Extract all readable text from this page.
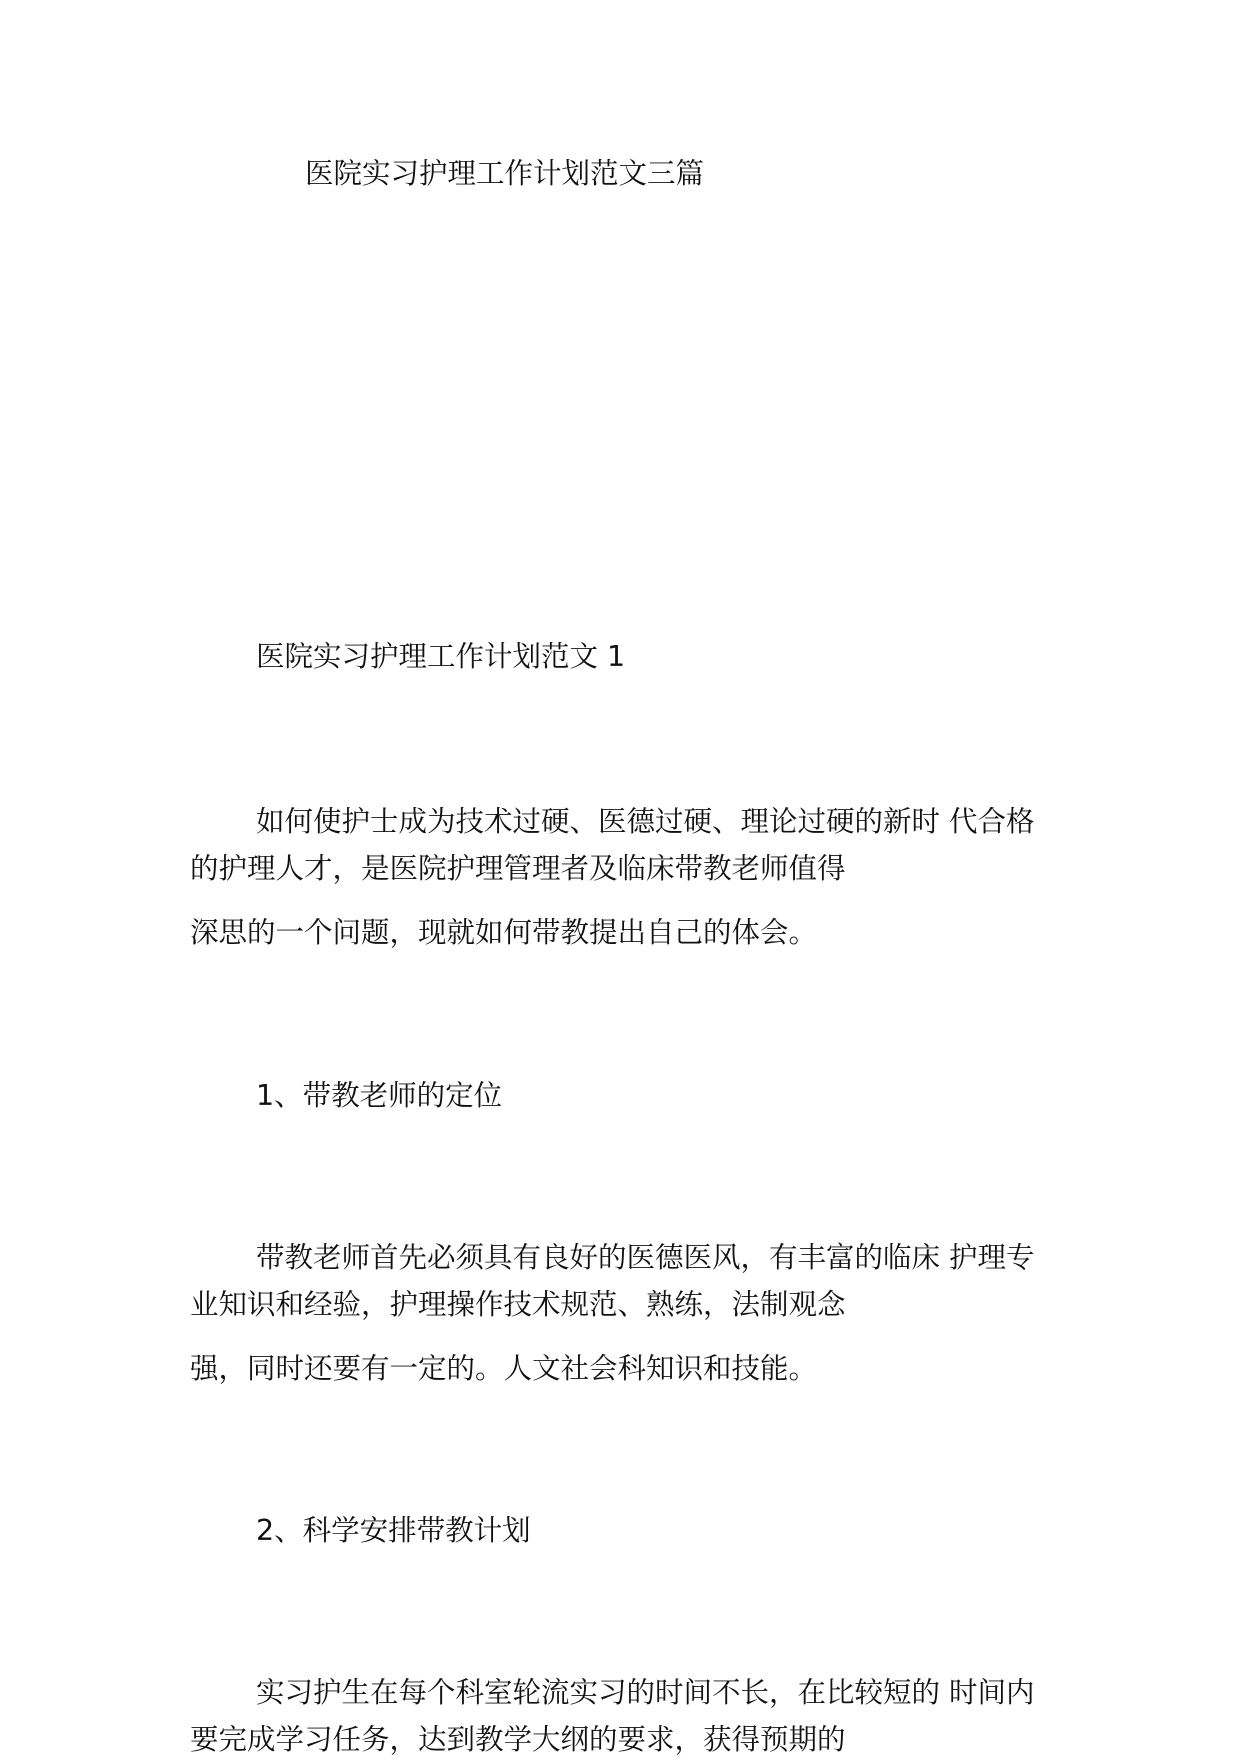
医院实习护理工作计划范文三篇
医院实习护理工作计划范文 1
如何使护士成为技术过硬、医德过硬、理论过硬的新时 代合格
的护理人才，是医院护理管理者及临床带教老师值得
深思的一个问题，现就如何带教提出自己的体会。
1、带教老师的定位
带教老师首先必须具有良好的医德医风，有丰富的临床 护理专
业知识和经验，护理操作技术规范、熟练，法制观念
强，同时还要有一定的。人文社会科知识和技能。
2、科学安排带教计划
实习护生在每个科室轮流实习的时间不长，在比较短的 时间内
要完成学习任务，达到教学大纲的要求，获得预期的
